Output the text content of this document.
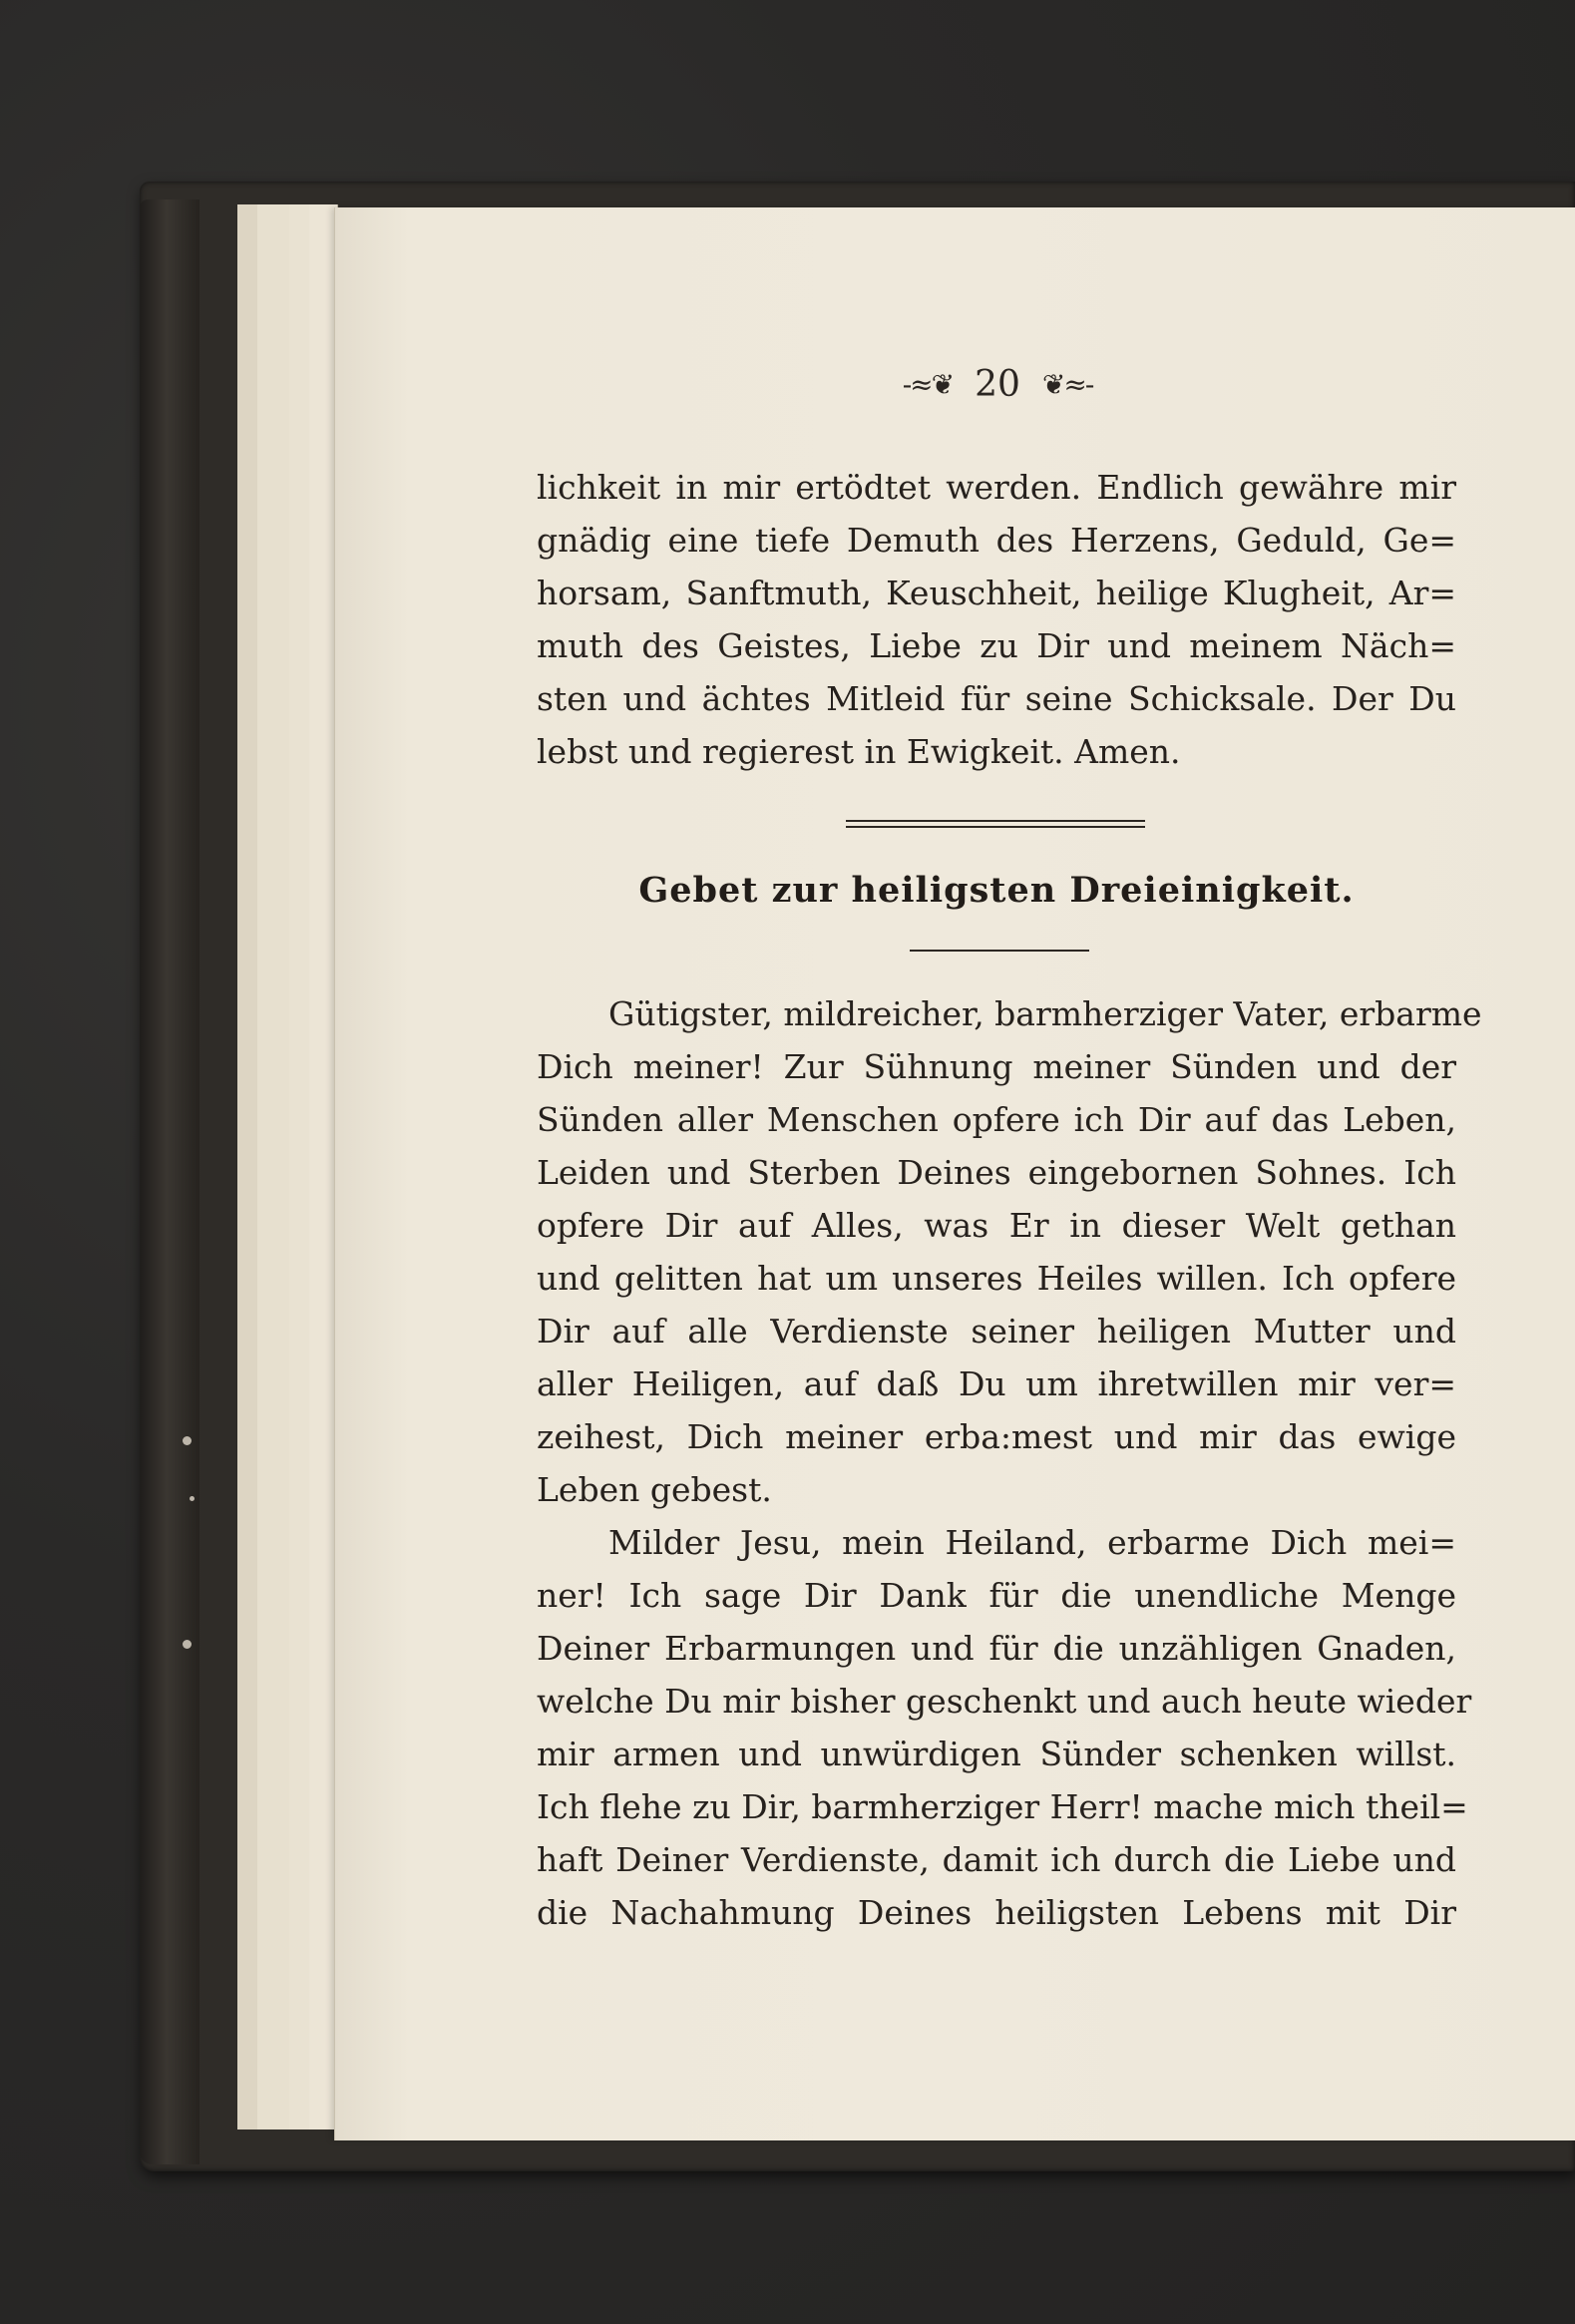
-≈❦ 20 ❦≈-
lichkeit in mir ertödtet werden. Endlich gewähre mir
gnädig eine tiefe Demuth des Herzens, Geduld, Ge=
horsam, Sanftmuth, Keuschheit, heilige Klugheit, Ar=
muth des Geistes, Liebe zu Dir und meinem Näch=
sten und ächtes Mitleid für seine Schicksale. Der Du
lebst und regierest in Ewigkeit. Amen.
Gebet zur heiligsten Dreieinigkeit.
Gütigster, mildreicher, barmherziger Vater, erbarme
Dich meiner! Zur Sühnung meiner Sünden und der
Sünden aller Menschen opfere ich Dir auf das Leben,
Leiden und Sterben Deines eingebornen Sohnes. Ich
opfere Dir auf Alles, was Er in dieser Welt gethan
und gelitten hat um unseres Heiles willen. Ich opfere
Dir auf alle Verdienste seiner heiligen Mutter und
aller Heiligen, auf daß Du um ihretwillen mir ver=
zeihest, Dich meiner erba:mest und mir das ewige
Leben gebest.
Milder Jesu, mein Heiland, erbarme Dich mei=
ner! Ich sage Dir Dank für die unendliche Menge
Deiner Erbarmungen und für die unzähligen Gnaden,
welche Du mir bisher geschenkt und auch heute wieder
mir armen und unwürdigen Sünder schenken willst.
Ich flehe zu Dir, barmherziger Herr! mache mich theil=
haft Deiner Verdienste, damit ich durch die Liebe und
die Nachahmung Deines heiligsten Lebens mit Dir
